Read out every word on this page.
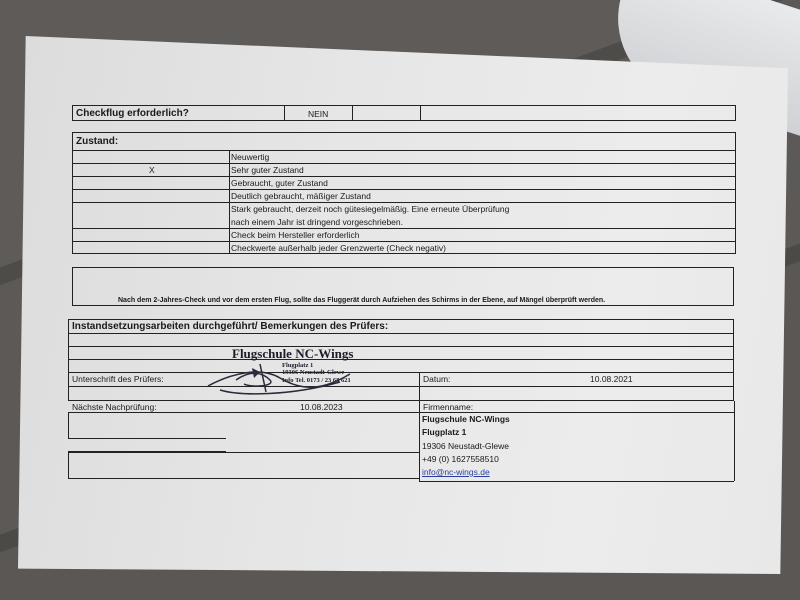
Checkflug erforderlich?	NEIN
Zustand:
Neuwertig
X	Sehr guter Zustand
Gebraucht, guter Zustand
Deutlich gebraucht, mäßiger Zustand
Stark gebraucht, derzeit noch gütesiegelmäßig. Eine erneute Überprüfung
nach einem Jahr ist dringend vorgeschrieben.
Check beim Hersteller erforderlich
Checkwerte außerhalb jeder Grenzwerte (Check negativ)
Nach dem 2-Jahres-Check und vor dem ersten Flug, sollte das Fluggerät durch Aufziehen des Schirms in der Ebene, auf Mängel überprüft werden.
Instandsetzungsarbeiten durchgeführt/ Bemerkungen des Prüfers:
Unterschrift des Prüfers:	Datum:	10.08.2021
Flugschule NC-Wings
Flugplatz 1
19306 Neustadt-Glewe
Info Tel. 0173 / 23 68 621
Nächste Nachprüfung:	10.08.2023	Firmenname:
Flugschule NC-Wings
Flugplatz 1
19306 Neustadt-Glewe
+49 (0) 1627558510
info@nc-wings.de
